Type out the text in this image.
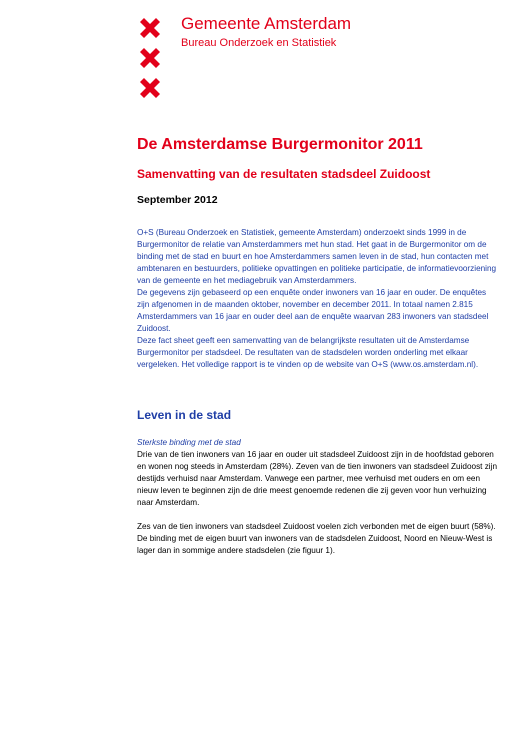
Gemeente Amsterdam
Bureau Onderzoek en Statistiek
De Amsterdamse Burgermonitor 2011
Samenvatting van de resultaten stadsdeel Zuidoost

September 2012

O+S (Bureau Onderzoek en Statistiek, gemeente Amsterdam) onderzoekt sinds 1999 in de Burgermonitor de relatie van Amsterdammers met hun stad. Het gaat in de Burgermonitor om de binding met de stad en buurt en hoe Amsterdammers samen leven in de stad, hun contacten met ambtenaren en bestuurders, politieke opvattingen en politieke participatie, de informatievoorziening van de gemeente en het mediagebruik van Amsterdammers.

De gegevens zijn gebaseerd op een enquête onder inwoners van 16 jaar en ouder. De enquêtes zijn afgenomen in de maanden oktober, november en december 2011. In totaal namen 2.815 Amsterdammers van 16 jaar en ouder deel aan de enquête waarvan 283 inwoners van stadsdeel Zuidoost.

Deze fact sheet geeft een samenvatting van de belangrijkste resultaten uit de Amsterdamse Burgermonitor per stadsdeel. De resultaten van de stadsdelen worden onderling met elkaar vergeleken. Het volledige rapport is te vinden op de website van O+S (www.os.amsterdam.nl).

Leven in de stad

Sterkste binding met de stad

Drie van de tien inwoners van 16 jaar en ouder uit stadsdeel Zuidoost zijn in de hoofdstad geboren en wonen nog steeds in Amsterdam (28%). Zeven van de tien inwoners van stadsdeel Zuidoost zijn destijds verhuisd naar Amsterdam. Vanwege een partner, mee verhuisd met ouders en om een nieuw leven te beginnen zijn de drie meest genoemde redenen die zij geven voor hun verhuizing naar Amsterdam.

Zes van de tien inwoners van stadsdeel Zuidoost voelen zich verbonden met de eigen buurt (58%). De binding met de eigen buurt van inwoners van de stadsdelen Zuidoost, Noord en Nieuw-West is lager dan in sommige andere stadsdelen (zie figuur 1).
